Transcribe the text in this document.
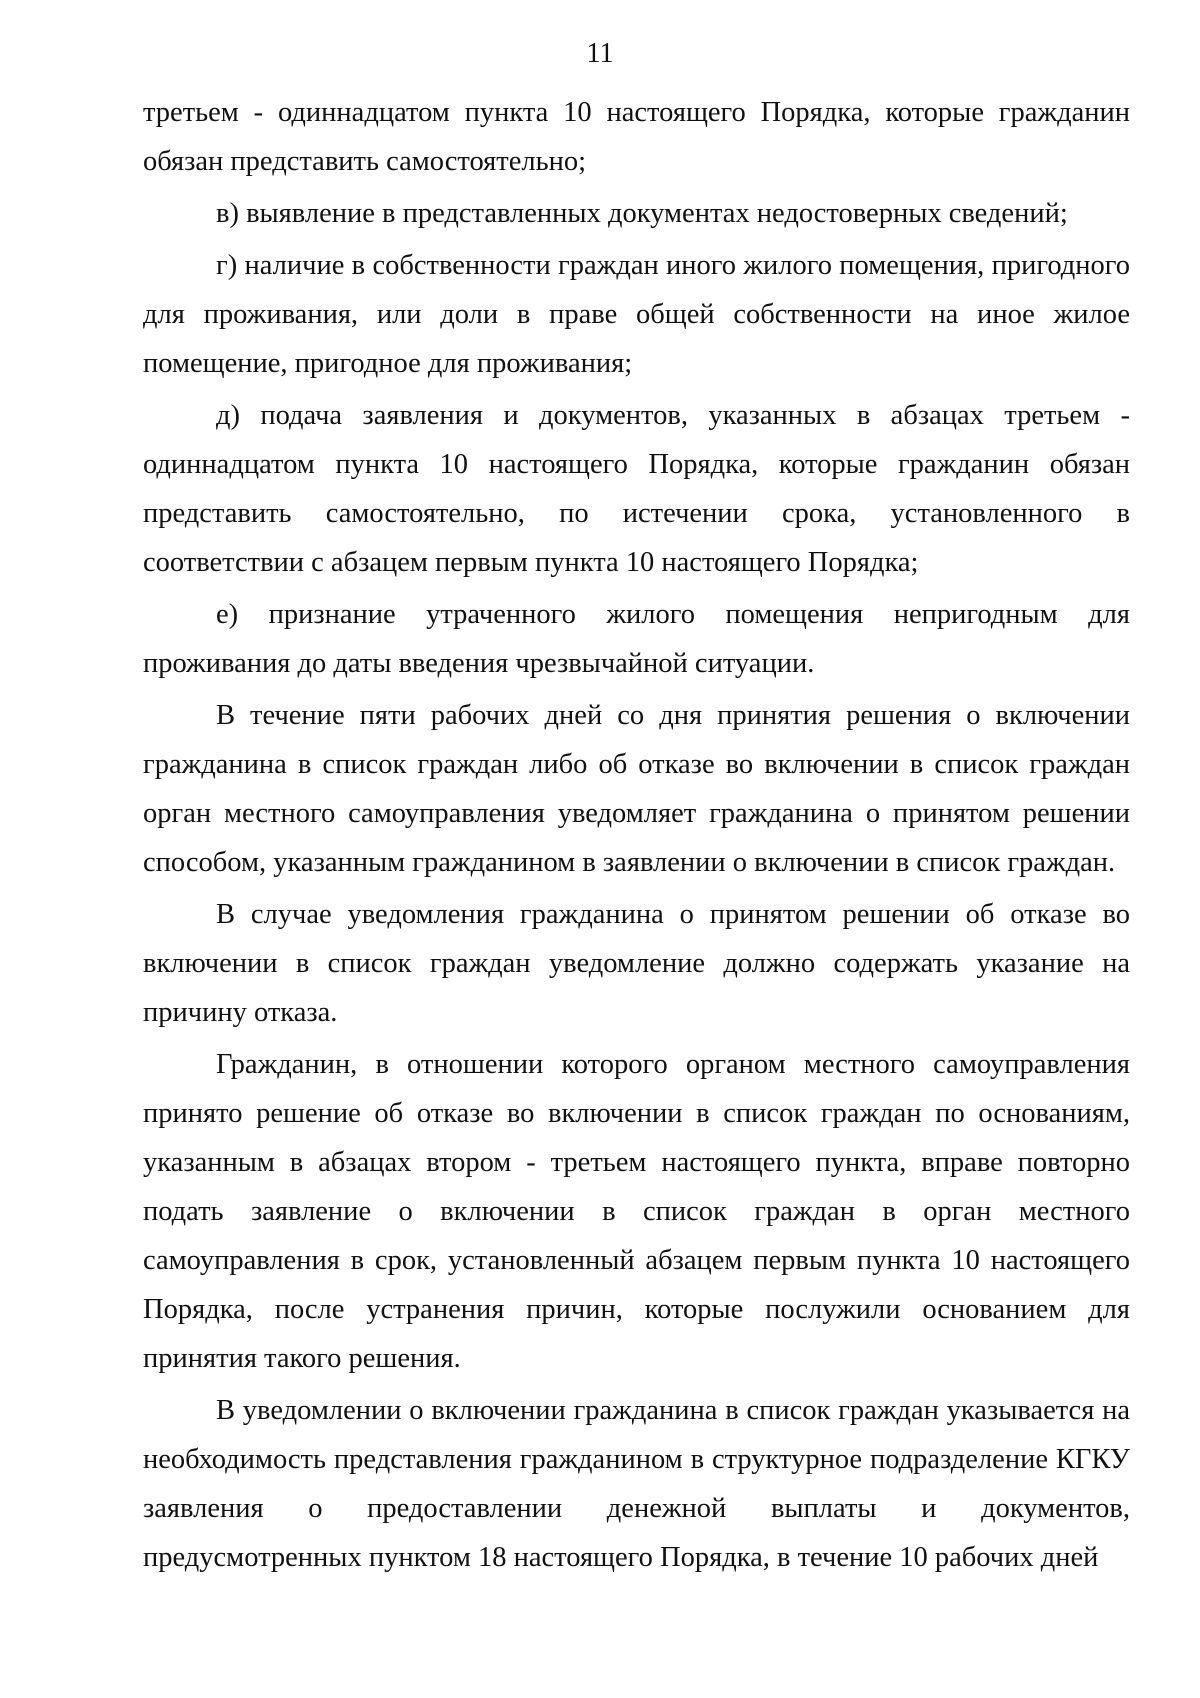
11

третьем - одиннадцатом пункта 10 настоящего Порядка, которые гражданин обязан представить самостоятельно;

в) выявление в представленных документах недостоверных сведений;

г) наличие в собственности граждан иного жилого помещения, пригодного для проживания, или доли в праве общей собственности на иное жилое помещение, пригодное для проживания;

д) подача заявления и документов, указанных в абзацах третьем - одиннадцатом пункта 10 настоящего Порядка, которые гражданин обязан представить самостоятельно, по истечении срока, установленного в соответствии с абзацем первым пункта 10 настоящего Порядка;

е) признание утраченного жилого помещения непригодным для проживания до даты введения чрезвычайной ситуации.

В течение пяти рабочих дней со дня принятия решения о включении гражданина в список граждан либо об отказе во включении в список граждан орган местного самоуправления уведомляет гражданина о принятом решении способом, указанным гражданином в заявлении о включении в список граждан.

В случае уведомления гражданина о принятом решении об отказе во включении в список граждан уведомление должно содержать указание на причину отказа.

Гражданин, в отношении которого органом местного самоуправления принято решение об отказе во включении в список граждан по основаниям, указанным в абзацах втором - третьем настоящего пункта, вправе повторно подать заявление о включении в список граждан в орган местного самоуправления в срок, установленный абзацем первым пункта 10 настоящего Порядка, после устранения причин, которые послужили основанием для принятия такого решения.

В уведомлении о включении гражданина в список граждан указывается на необходимость представления гражданином в структурное подразделение КГКУ заявления о предоставлении денежной выплаты и документов, предусмотренных пунктом 18 настоящего Порядка, в течение 10 рабочих дней
